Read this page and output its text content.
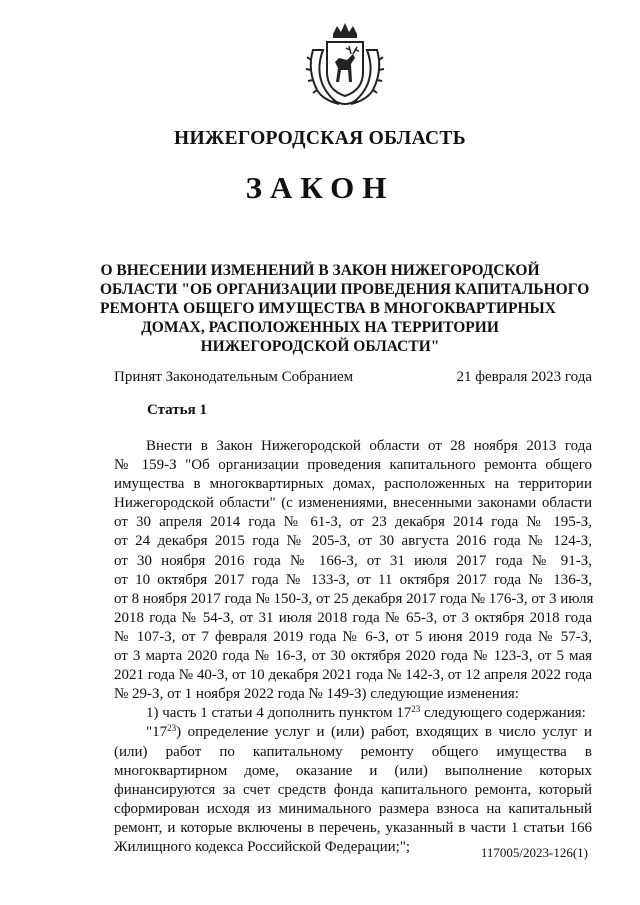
НИЖЕГОРОДСКАЯ ОБЛАСТЬ
ЗАКОН
О ВНЕСЕНИИ ИЗМЕНЕНИЙ В ЗАКОН НИЖЕГОРОДСКОЙ
ОБЛАСТИ "ОБ ОРГАНИЗАЦИИ ПРОВЕДЕНИЯ КАПИТАЛЬНОГО
РЕМОНТА ОБЩЕГО ИМУЩЕСТВА В МНОГОКВАРТИРНЫХ
ДОМАХ, РАСПОЛОЖЕННЫХ НА ТЕРРИТОРИИ
НИЖЕГОРОДСКОЙ ОБЛАСТИ"
Принят Законодательным Собранием	21 февраля 2023 года
Статья 1
Внести в Закон Нижегородской области от 28 ноября 2013 года
№ 159-З "Об организации проведения капитального ремонта общего
имущества в многоквартирных домах, расположенных на территории
Нижегородской области" (с изменениями, внесенными законами области
от 30 апреля 2014 года № 61-З, от 23 декабря 2014 года № 195-З,
от 24 декабря 2015 года № 205-З, от 30 августа 2016 года № 124-З,
от 30 ноября 2016 года № 166-З, от 31 июля 2017 года № 91-З,
от 10 октября 2017 года № 133-З, от 11 октября 2017 года № 136-З,
от 8 ноября 2017 года № 150-З, от 25 декабря 2017 года № 176-З, от 3 июля
2018 года № 54-З, от 31 июля 2018 года № 65-З, от 3 октября 2018 года
№ 107-З, от 7 февраля 2019 года № 6-З, от 5 июня 2019 года № 57-З,
от 3 марта 2020 года № 16-З, от 30 октября 2020 года № 123-З, от 5 мая
2021 года № 40-З, от 10 декабря 2021 года № 142-З, от 12 апреля 2022 года
№ 29-З, от 1 ноября 2022 года № 149-З) следующие изменения:
1) часть 1 статьи 4 дополнить пунктом $17^{23}$ следующего содержания:
"$17^{23}$) определение услуг и (или) работ, входящих в число услуг и
(или) работ по капитальному ремонту общего имущества в
многоквартирном доме, оказание и (или) выполнение которых
финансируются за счет средств фонда капитального ремонта, который
сформирован исходя из минимального размера взноса на капитальный
ремонт, и которые включены в перечень, указанный в части 1 статьи 166
Жилищного кодекса Российской Федерации;";	117005/2023-126(1)
